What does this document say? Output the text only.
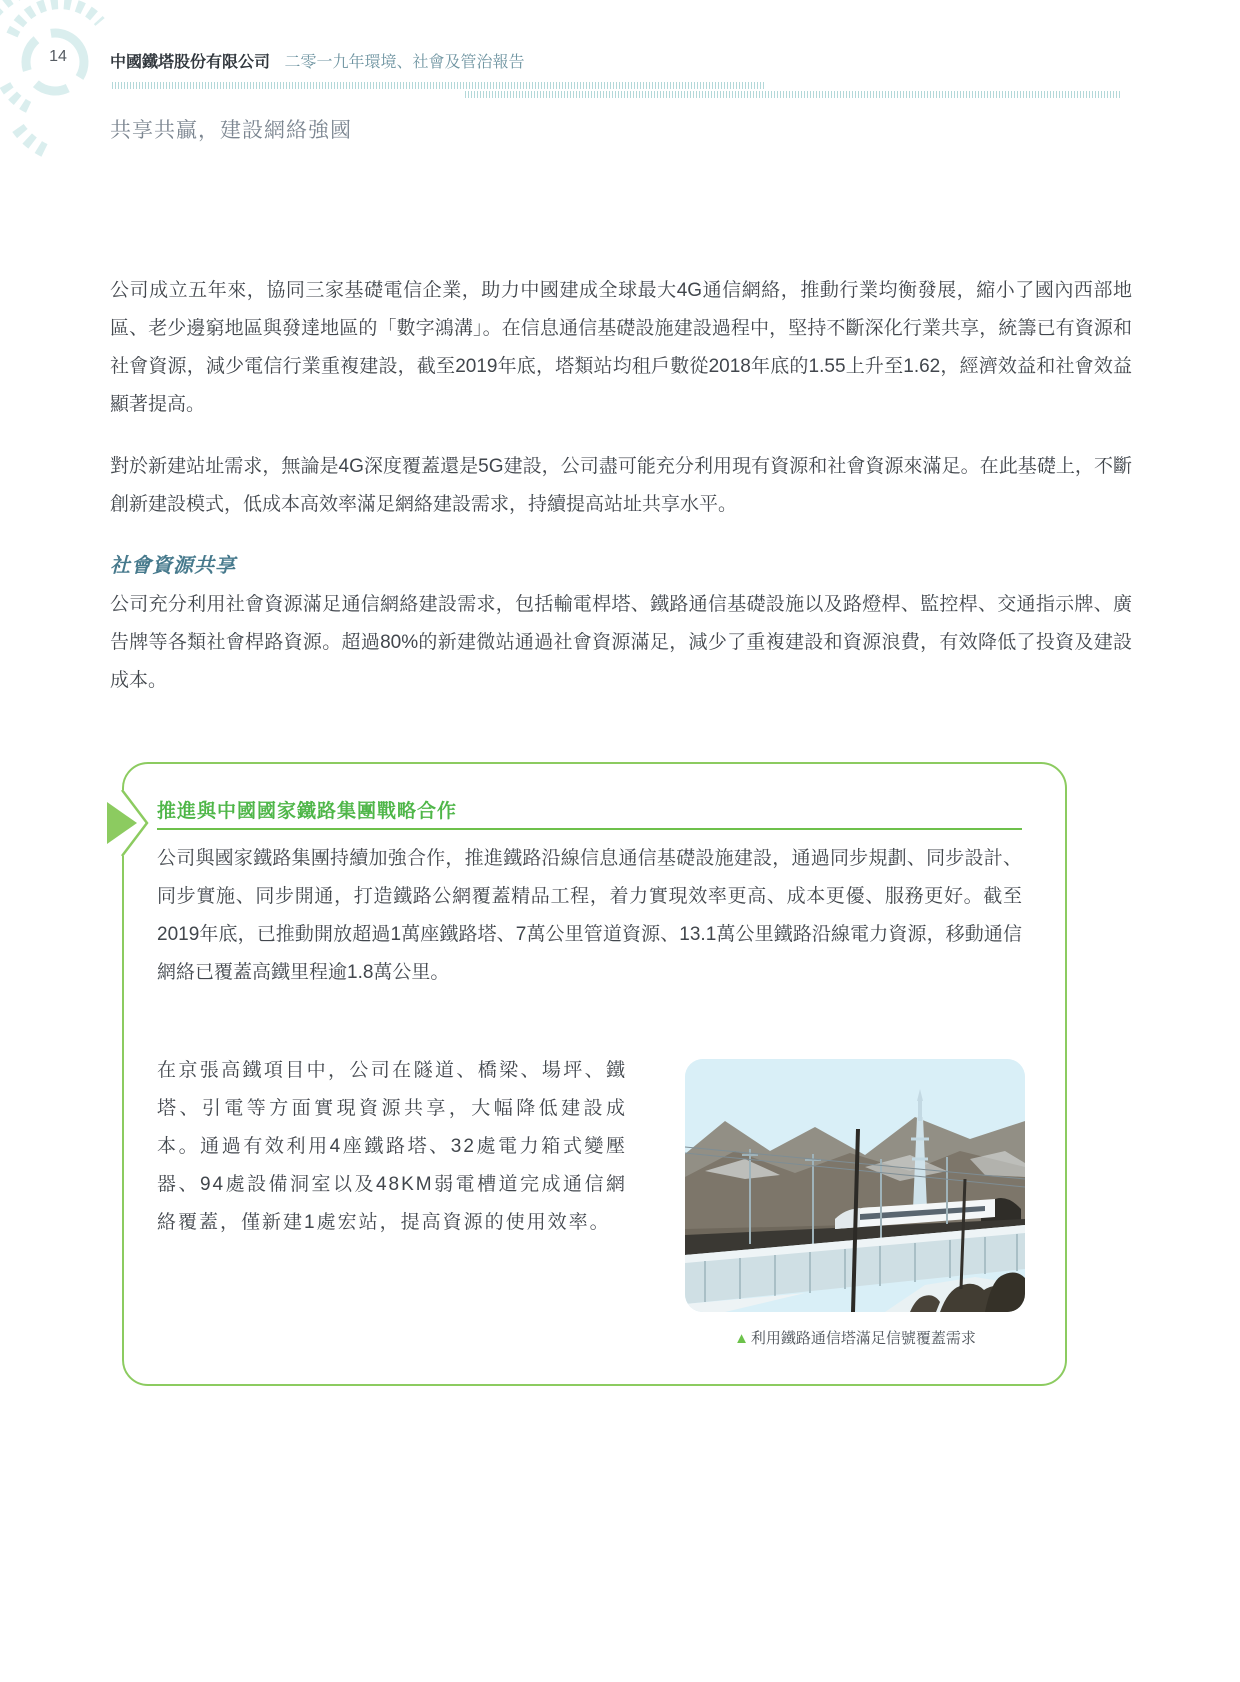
14	中國鐵塔股份有限公司 二零一九年環境、社會及管治報告
共享共贏，建設網絡強國
公司成立五年來，協同三家基礎電信企業，助力中國建成全球最大4G通信網絡，推動行業均衡發展，縮小了國內西部地區、老少邊窮地區與發達地區的「數字鴻溝」。在信息通信基礎設施建設過程中，堅持不斷深化行業共享，統籌已有資源和社會資源，減少電信行業重複建設，截至2019年底，塔類站均租戶數從2018年底的1.55上升至1.62，經濟效益和社會效益顯著提高。
對於新建站址需求，無論是4G深度覆蓋還是5G建設，公司盡可能充分利用現有資源和社會資源來滿足。在此基礎上，不斷創新建設模式，低成本高效率滿足網絡建設需求，持續提高站址共享水平。
社會資源共享
公司充分利用社會資源滿足通信網絡建設需求，包括輸電桿塔、鐵路通信基礎設施以及路燈桿、監控桿、交通指示牌、廣告牌等各類社會桿路資源。超過80%的新建微站通過社會資源滿足，減少了重複建設和資源浪費，有效降低了投資及建設成本。
推進與中國國家鐵路集團戰略合作
公司與國家鐵路集團持續加強合作，推進鐵路沿線信息通信基礎設施建設，通過同步規劃、同步設計、同步實施、同步開通，打造鐵路公網覆蓋精品工程，着力實現效率更高、成本更優、服務更好。截至2019年底，已推動開放超過1萬座鐵路塔、7萬公里管道資源、13.1萬公里鐵路沿線電力資源，移動通信網絡已覆蓋高鐵里程逾1.8萬公里。
在京張高鐵項目中，公司在隧道、橋梁、場坪、鐵塔、引電等方面實現資源共享，大幅降低建設成本。通過有效利用4座鐵路塔、32處電力箱式變壓器、94處設備洞室以及48KM弱電槽道完成通信網絡覆蓋，僅新建1處宏站，提高資源的使用效率。
▲ 利用鐵路通信塔滿足信號覆蓋需求
